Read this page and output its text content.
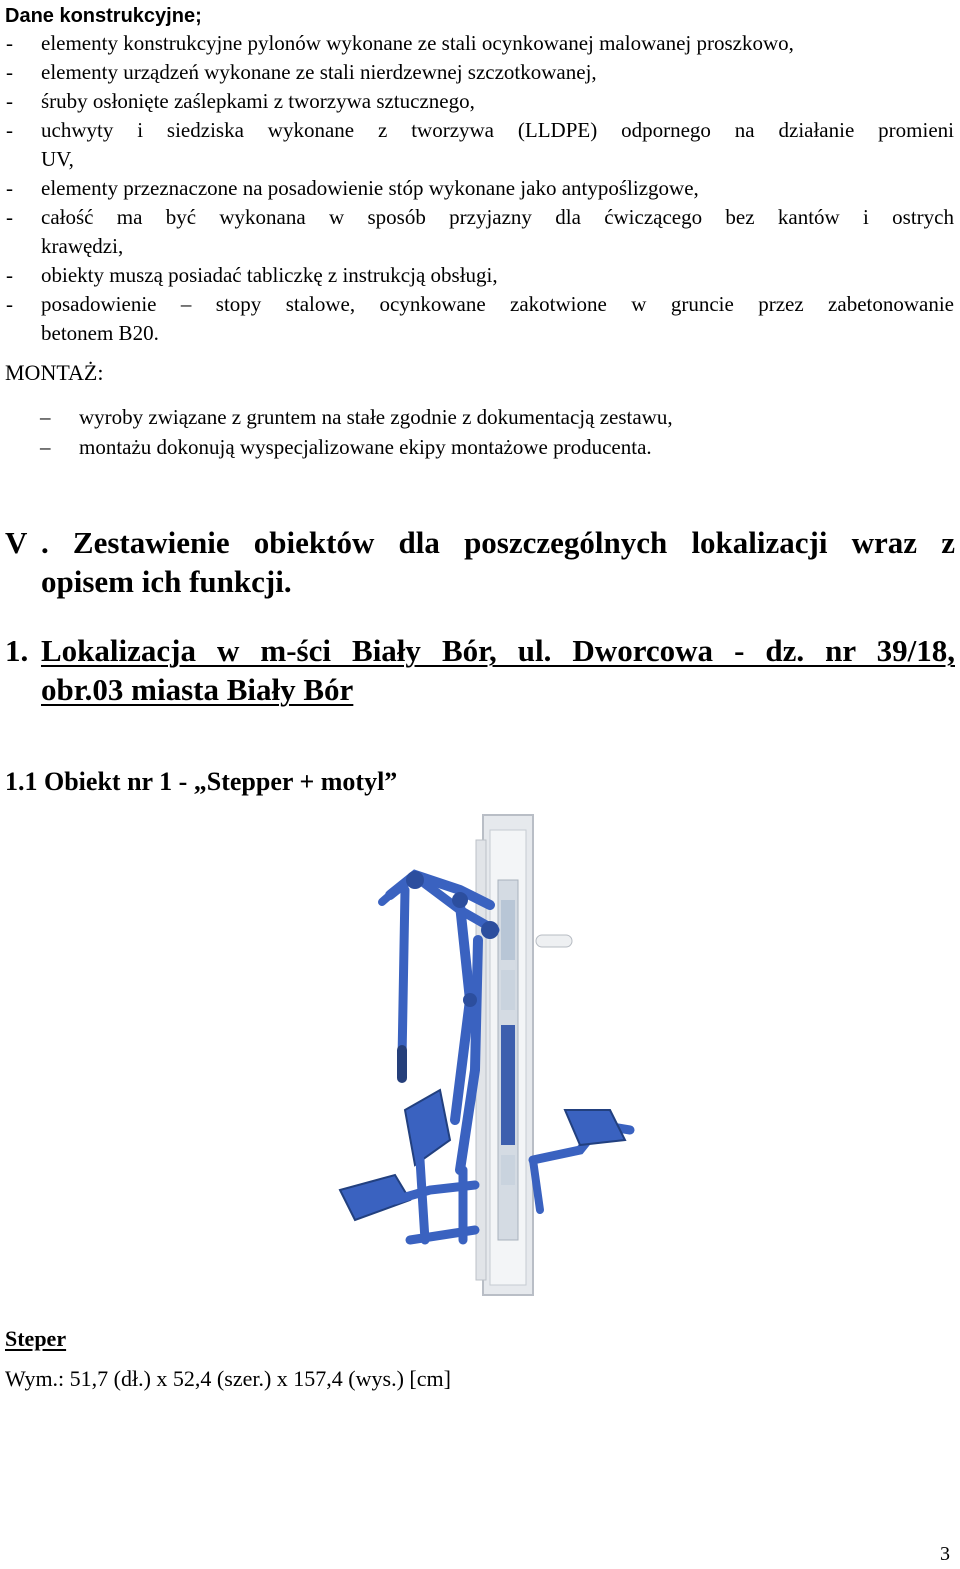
Dane konstrukcyjne;
- elementy konstrukcyjne pylonów wykonane ze stali ocynkowanej malowanej proszkowo,
- elementy urządzeń wykonane ze stali nierdzewnej szczotkowanej,
- śruby osłonięte zaślepkami z tworzywa sztucznego,
- uchwyty i siedziska wykonane z tworzywa (LLDPE) odpornego na działanie promieni
UV,
- elementy przeznaczone na posadowienie stóp wykonane jako antypoślizgowe,
- całość ma być wykonana w sposób przyjazny dla ćwiczącego bez kantów i ostrych
krawędzi,
- obiekty muszą posiadać tabliczkę z instrukcją obsługi,
- posadowienie – stopy stalowe, ocynkowane zakotwione w gruncie przez zabetonowanie
betonem B20.
MONTAŻ:
– wyroby związane z gruntem na stałe zgodnie z dokumentacją zestawu,
– montażu dokonują wyspecjalizowane ekipy montażowe producenta.
V . Zestawienie obiektów dla poszczególnych lokalizacji wraz z
opisem ich funkcji.
1. Lokalizacja w m-ści Biały Bór, ul. Dworcowa - dz. nr 39/18,
obr.03 miasta Biały Bór
1.1 Obiekt nr 1 - „Stepper + motyl”
Steper
Wym.: 51,7 (dł.) x 52,4 (szer.) x 157,4 (wys.) [cm]
3
